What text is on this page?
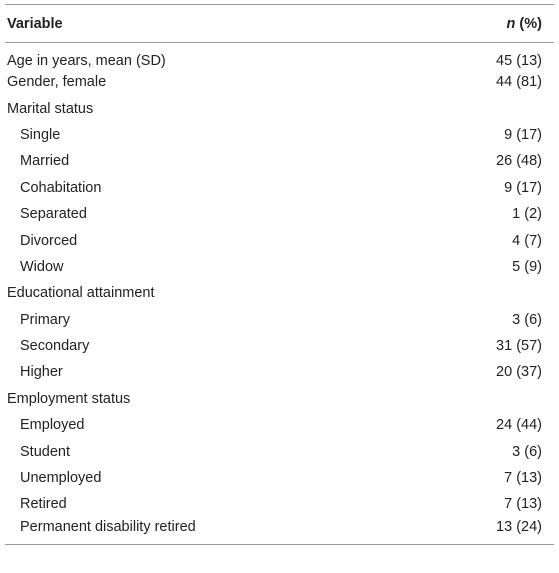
Variable	n (%)
Age in years, mean (SD)	45 (13)
Gender, female	44 (81)
Marital status	
Single	9 (17)
Married	26 (48)
Cohabitation	9 (17)
Separated	1 (2)
Divorced	4 (7)
Widow	5 (9)
Educational attainment	
Primary	3 (6)
Secondary	31 (57)
Higher	20 (37)
Employment status	
Employed	24 (44)
Student	3 (6)
Unemployed	7 (13)
Retired	7 (13)
Permanent disability retired	13 (24)
